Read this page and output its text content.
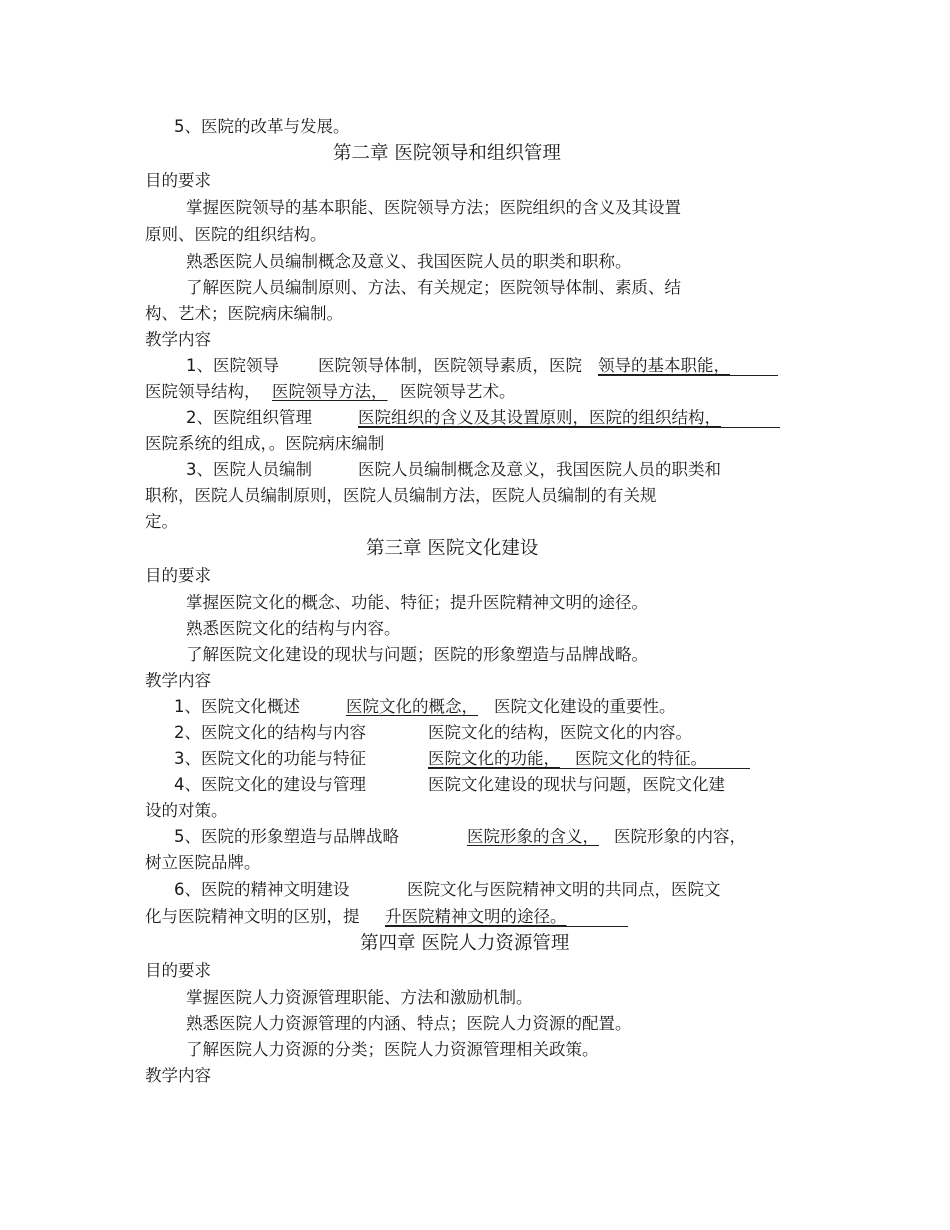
5、医院的改革与发展。
第二章 医院领导和组织管理
目的要求
掌握医院领导的基本职能、医院领导方法；医院组织的含义及其设置
原则、医院的组织结构。
熟悉医院人员编制概念及意义、我国医院人员的职类和职称。
了解医院人员编制原则、方法、有关规定；医院领导体制、素质、结
构、艺术；医院病床编制。
教学内容
1、医院领导 医院领导体制，医院领导素质，医院 领导的基本职能，
医院领导结构， 医院领导方法， 医院领导艺术。
2、医院组织管理	医院组织的含义及其设置原则，医院的组织结构，
医院系统的组成，。医院病床编制
3、医院人员编制	医院人员编制概念及意义，我国医院人员的职类和
职称，医院人员编制原则，医院人员编制方法，医院人员编制的有关规
定。
第三章 医院文化建设
目的要求
掌握医院文化的概念、功能、特征；提升医院精神文明的途径。
熟悉医院文化的结构与内容。
了解医院文化建设的现状与问题；医院的形象塑造与品牌战略。
教学内容
1、医院文化概述	医院文化的概念， 医院文化建设的重要性。
2、医院文化的结构与内容	医院文化的结构，医院文化的内容。
3、医院文化的功能与特征	医院文化的功能， 医院文化的特征。
4、医院文化的建设与管理	医院文化建设的现状与问题，医院文化建
设的对策。
5、医院的形象塑造与品牌战略	医院形象的含义， 医院形象的内容，
树立医院品牌。
6、医院的精神文明建设	医院文化与医院精神文明的共同点，医院文
化与医院精神文明的区别，提 升医院精神文明的途径。
第四章 医院人力资源管理
目的要求
掌握医院人力资源管理职能、方法和激励机制。
熟悉医院人力资源管理的内涵、特点；医院人力资源的配置。
了解医院人力资源的分类；医院人力资源管理相关政策。
教学内容
